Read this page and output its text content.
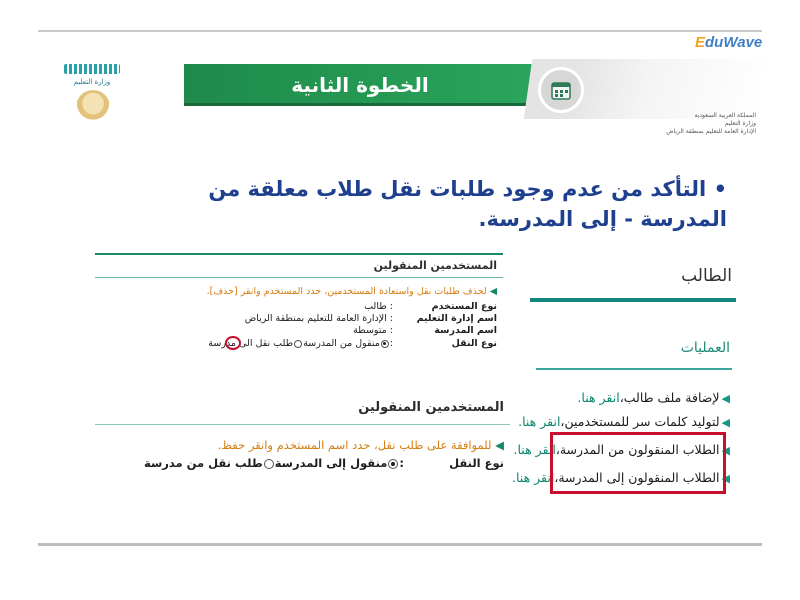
وزارة التعليم	الخطوة الثانية
EduWave
المملكة العربية السعودية
وزارة التعليم
الإدارة العامة للتعليم بمنطقة الرياض
• التأكد من عدم وجود طلبات نقل طلاب معلقة من المدرسة - إلى المدرسة.
الطالب
العمليات
◀لإضافة ملف طالب،انقر هنا.
◀لتوليد كلمات سر للمستخدمين،انقر هنا.
◀الطلاب المنقولون من المدرسة،انقر هنا.
◀الطلاب المنقولون إلى المدرسة،انقر هنا.
المستخدمين المنقولين
◀ لحذف طلبات نقل واستعادة المستخدمين، حدد المستخدم وانقر [حذف].
نوع المستخدم: طالب
اسم إدارة التعليم: الإدارة العامة للتعليم بمنطقة الرياض
اسم المدرسة: متوسطة
نوع النقل:منقول من المدرسةطلب نقل الى مدرسة
المستخدمين المنقولين
◀ للموافقة على طلب نقل، حدد اسم المستخدم وانقر حفظ.
نوع النقل:منقول إلى المدرسةطلب نقل من مدرسة
